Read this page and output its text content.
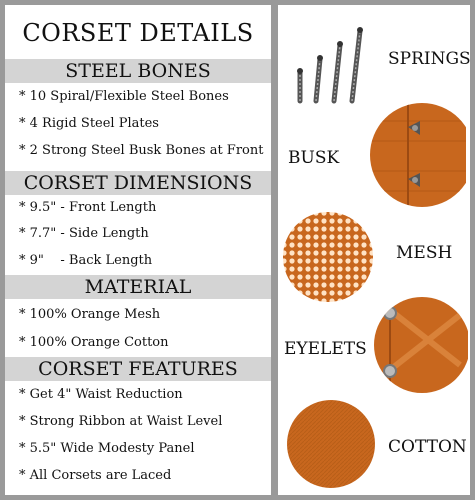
CORSET DETAILS
STEEL BONES
* 10 Spiral/Flexible Steel Bones
* 4 Rigid Steel Plates
* 2 Strong Steel Busk Bones at Front
CORSET DIMENSIONS
* 9.5" - Front Length
* 7.7" - Side Length
* 9"    - Back Length
MATERIAL
* 100% Orange Mesh
* 100% Orange Cotton
CORSET FEATURES
* Get 4" Waist Reduction
* Strong Ribbon at Waist Level
* 5.5" Wide Modesty Panel
* All Corsets are Laced
SPRINGS
BUSK
MESH
EYELETS
COTTON
